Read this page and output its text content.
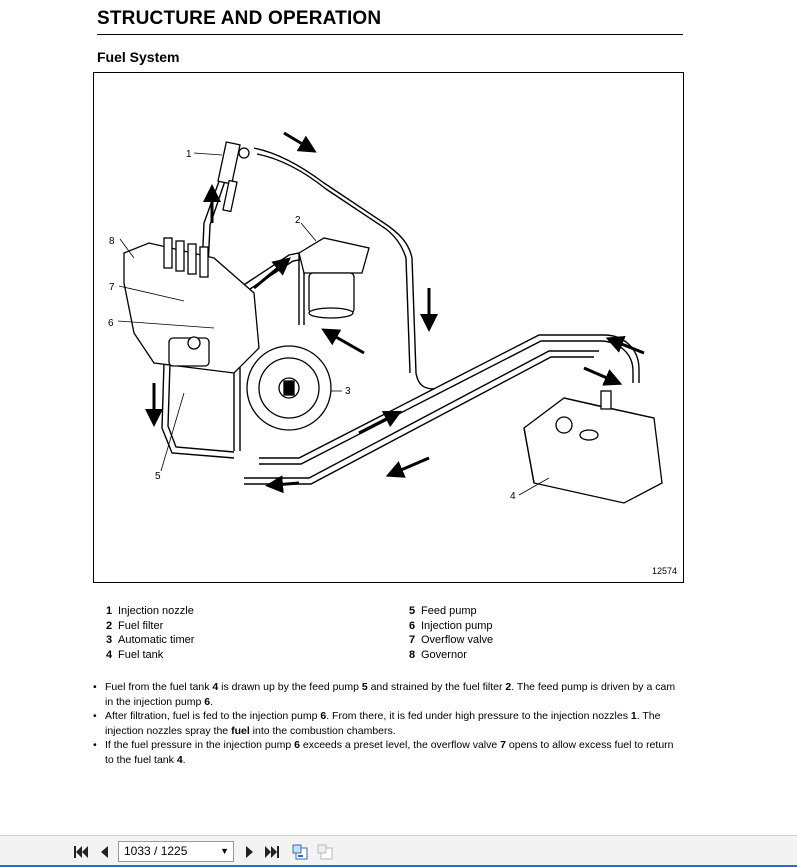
STRUCTURE AND OPERATION
Fuel System
1
2
3
4
5
6
7
8
12574
1 Injection nozzle
2 Fuel filter
3 Automatic timer
4 Fuel tank
5 Feed pump
6 Injection pump
7 Overflow valve
8 Governor
• Fuel from the fuel tank 4 is drawn up by the feed pump 5 and strained by the fuel filter 2. The feed pump is driven by a cam in the injection pump 6.
• After filtration, fuel is fed to the injection pump 6. From there, it is fed under high pressure to the injection nozzles 1. The injection nozzles spray the fuel into the combustion chambers.
• If the fuel pressure in the injection pump 6 exceeds a preset level, the overflow valve 7 opens to allow excess fuel to return to the fuel tank 4.
1033 / 1225	▼
